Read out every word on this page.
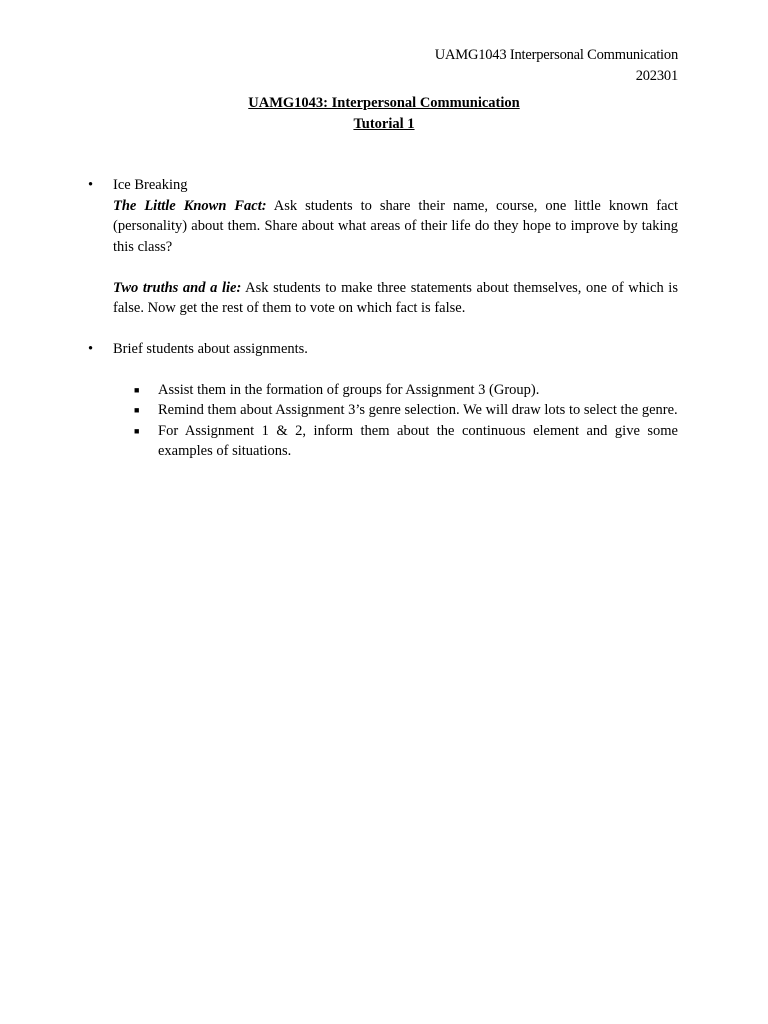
UAMG1043 Interpersonal Communication
202301
UAMG1043: Interpersonal Communication
Tutorial 1
•	Ice Breaking

The Little Known Fact: Ask students to share their name, course, one little known fact (personality) about them. Share about what areas of their life do they hope to improve by taking this class?

Two truths and a lie: Ask students to make three statements about themselves, one of which is false. Now get the rest of them to vote on which fact is false.

•	Brief students about assignments.
■	Assist them in the formation of groups for Assignment 3 (Group).

■	Remind them about Assignment 3’s genre selection. We will draw lots to select the genre.

■	For Assignment 1 & 2, inform them about the continuous element and give some examples of situations.
